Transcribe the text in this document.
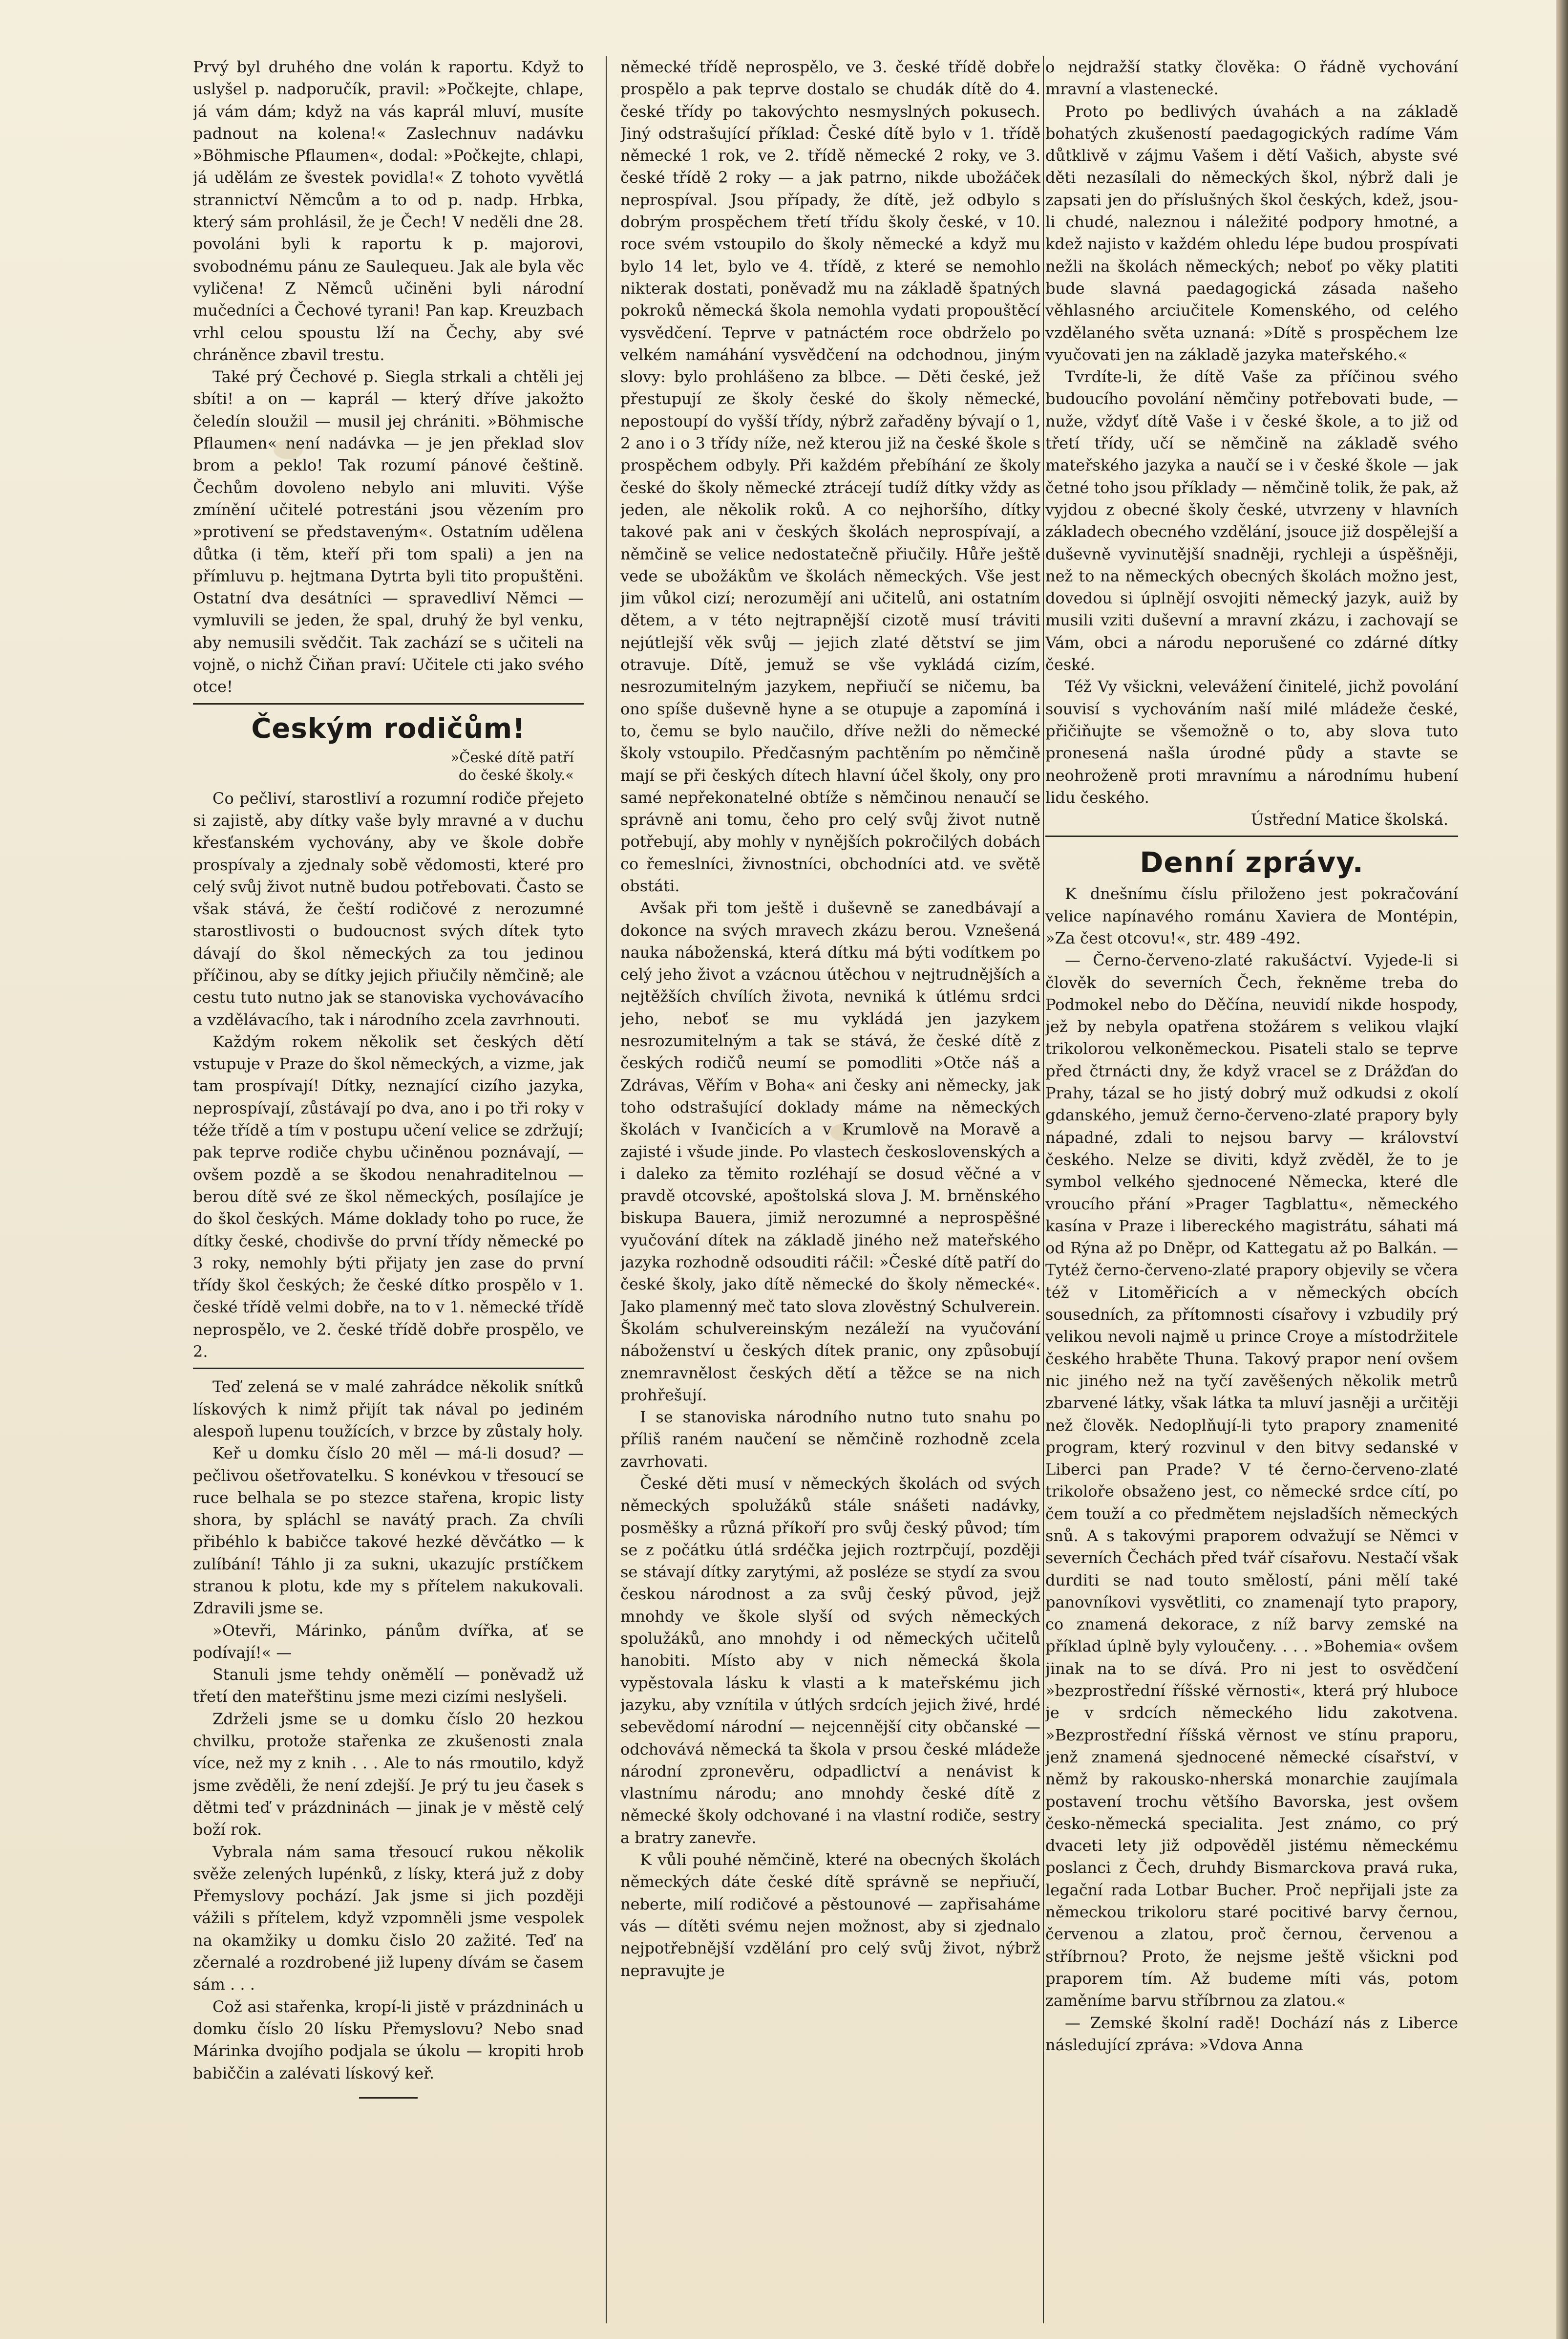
Prvý byl druhého dne volán k raportu. Když to uslyšel p. nadporučík, pravil: »Počkejte, chlape, já vám dám; když na vás kaprál mluví, musíte padnout na kolena!« Zaslechnuv nadávku »Böhmische Pflaumen«, dodal: »Počkejte, chlapi, já udělám ze švestek povidla!« Z tohoto vyvětlá strannictví Němcům a to od p. nadp. Hrbka, který sám prohlásil, že je Čech! V neděli dne 28. povoláni byli k raportu k p. majorovi, svobodnému pánu ze Saulequeu. Jak ale byla věc vyličena! Z Němců učiněni byli národní mučedníci a Čechové tyrani! Pan kap. Kreuzbach vrhl celou spoustu lží na Čechy, aby své chráněnce zbavil trestu.

Také prý Čechové p. Siegla strkali a chtěli jej sbíti! a on — kaprál — který dříve jakožto čeledín sloužil — musil jej chrániti. »Böhmische Pflaumen« není nadávka — je jen překlad slov brom a peklo! Tak rozumí pánové češtině. Čechům dovoleno nebylo ani mluviti. Výše zmínění učitelé potrestáni jsou vězením pro »protivení se představeným«. Ostatním udělena důtka (i těm, kteří při tom spali) a jen na přímluvu p. hejtmana Dytrta byli tito propuštěni. Ostatní dva desátníci — spravedliví Němci — vymluvili se jeden, že spal, druhý že byl venku, aby nemusili svědčit. Tak zachází se s učiteli na vojně, o nichž Čiňan praví: Učitele cti jako svého otce!

Českým rodičům!
»České dítě patří
do české školy.«

Co pečliví, starostliví a rozumní rodiče přejeto si zajistě, aby dítky vaše byly mravné a v duchu křesťanském vychovány, aby ve škole dobře prospívaly a zjednaly sobě vědomosti, které pro celý svůj život nutně budou potřebovati. Často se však stává, že čeští rodičové z nerozumné starostlivosti o budoucnost svých dítek tyto dávají do škol německých za tou jedinou příčinou, aby se dítky jejich přiučily němčině; ale cestu tuto nutno jak se stanoviska vychovávacího a vzdělávacího, tak i národního zcela zavrhnouti.

Každým rokem několik set českých dětí vstupuje v Praze do škol německých, a vizme, jak tam prospívají! Dítky, neznající cizího jazyka, neprospívají, zůstávají po dva, ano i po tři roky v téže třídě a tím v postupu učení velice se zdržují; pak teprve rodiče chybu učiněnou poznávají, — ovšem pozdě a se škodou nenahraditelnou — berou dítě své ze škol německých, posílajíce je do škol českých. Máme doklady toho po ruce, že dítky české, chodivše do první třídy německé po 3 roky, nemohly býti přijaty jen zase do první třídy škol českých; že české dítko prospělo v 1. české třídě velmi dobře, na to v 1. německé třídě neprospělo, ve 2. české třídě dobře prospělo, ve 2.

Teď zelená se v malé zahrádce několik snítků lískových k nimž přijít tak nával po jediném alespoň lupenu toužících, v brzce by zůstaly holy.

Keř u domku číslo 20 měl — má-li dosud? — pečlivou ošetřovatelku. S konévkou v třesoucí se ruce belhala se po stezce stařena, kropic listy shora, by spláchl se navátý prach. Za chvíli přibéhlo k babičce takové hezké děvčátko — k zulíbání! Táhlo ji za sukni, ukazujíc prstíčkem stranou k plotu, kde my s přítelem nakukovali. Zdravili jsme se.

»Otevři, Márinko, pánům dvířka, ať se podívají!« —

Stanuli jsme tehdy oněmělí — poněvadž už třetí den mateřštinu jsme mezi cizími neslyšeli.

Zdrželi jsme se u domku číslo 20 hezkou chvilku, protože stařenka ze zkušenosti znala více, než my z knih . . . Ale to nás rmoutilo, když jsme zvěděli, že není zdejší. Je prý tu jeu časek s dětmi teď v prázdninách — jinak je v městě celý boží rok.

Vybrala nám sama třesoucí rukou několik svěže zelených lupénků, z lísky, která juž z doby Přemyslovy pochází. Jak jsme si jich později vážili s přítelem, když vzpomněli jsme vespolek na okamžiky u domku čislo 20 zažité. Teď na zčernalé a rozdrobené již lupeny dívám se časem sám . . .

Což asi stařenka, kropí-li jistě v prázdninách u domku číslo 20 lísku Přemyslovu? Nebo snad Márinka dvojího podjala se úkolu — kropiti hrob babiččin a zalévati lískový keř.

německé třídě neprospělo, ve 3. české třídě dobře prospělo a pak teprve dostalo se chudák dítě do 4. české třídy po takovýchto nesmyslných pokusech. Jiný odstrašující příklad: České dítě bylo v 1. třídě německé 1 rok, ve 2. třídě německé 2 roky, ve 3. české třídě 2 roky — a jak patrno, nikde ubožáček neprospíval. Jsou případy, že dítě, jež odbylo s dobrým prospěchem třetí třídu školy české, v 10. roce svém vstoupilo do školy německé a když mu bylo 14 let, bylo ve 4. třídě, z které se nemohlo nikterak dostati, poněvadž mu na základě špatných pokroků německá škola nemohla vydati propouštěcí vysvědčení. Teprve v patnáctém roce obdrželo po velkém namáhání vysvědčení na odchodnou, jiným slovy: bylo prohlášeno za blbce. — Děti české, jež přestupují ze školy české do školy německé, nepostoupí do vyšší třídy, nýbrž zařaděny bývají o 1, 2 ano i o 3 třídy níže, než kterou již na české škole s prospěchem odbyly. Při každém přebíhání ze školy české do školy německé ztrácejí tudíž dítky vždy as jeden, ale několik roků. A co nejhoršího, dítky takové pak ani v českých školách neprospívají, a němčině se velice nedostatečně přiučily. Hůře ještě vede se ubožákům ve školách německých. Vše jest jim vůkol cizí; nerozumějí ani učitelů, ani ostatním dětem, a v této nejtrapnější cizotě musí tráviti nejútlejší věk svůj — jejich zlaté dětství se jim otravuje. Dítě, jemuž se vše vykládá cizím, nesrozumitelným jazykem, nepřiučí se ničemu, ba ono spíše duševně hyne a se otupuje a zapomíná i to, čemu se bylo naučilo, dříve nežli do německé školy vstoupilo. Předčasným pachtěním po němčině mají se při českých dítech hlavní účel školy, ony pro samé nepřekonatelné obtíže s němčinou nenaučí se správně ani tomu, čeho pro celý svůj život nutně potřebují, aby mohly v nynějších pokročilých dobách co řemeslníci, živnostníci, obchodníci atd. ve světě obstáti.

Avšak při tom ještě i duševně se zanedbávají a dokonce na svých mravech zkázu berou. Vznešená nauka náboženská, která dítku má býti vodítkem po celý jeho život a vzácnou útěchou v nejtrudnějších a nejtěžších chvílích života, nevniká k útlému srdci jeho, neboť se mu vykládá jen jazykem nesrozumitelným a tak se stává, že české dítě z českých rodičů neumí se pomodliti »Otče náš a Zdrávas, Věřím v Boha« ani česky ani německy, jak toho odstrašující doklady máme na německých školách v Ivančicích a v Krumlově na Moravě a zajisté i všude jinde. Po vlastech československých a i daleko za těmito rozléhají se dosud věčné a v pravdě otcovské, apoštolská slova J. M. brněnského biskupa Bauera, jimiž nerozumné a neprospěšné vyučování dítek na základě jiného než mateřského jazyka rozhodně odsouditi ráčil: »České dítě patří do české školy, jako dítě německé do školy německé«. Jako plamenný meč tato slova zlověstný Schulverein. Školám schulvereinským nezáleží na vyučování náboženství u českých dítek pranic, ony způsobují znemravnělost českých dětí a těžce se na nich prohřešují.

I se stanoviska národního nutno tuto snahu po příliš raném naučení se němčině rozhodně zcela zavrhovati.

České děti musí v německých školách od svých německých spolužáků stále snášeti nadávky, posměšky a různá příkoří pro svůj český původ; tím se z počátku útlá srdéčka jejich roztrpčují, později se stávají dítky zarytými, až posléze se stydí za svou českou národnost a za svůj český původ, jejž mnohdy ve škole slyší od svých německých spolužáků, ano mnohdy i od německých učitelů hanobiti. Místo aby v nich německá škola vypěstovala lásku k vlasti a k mateřskému jich jazyku, aby vznítila v útlých srdcích jejich živé, hrdé sebevědomí národní — nejcennější city občanské — odchovává německá ta škola v prsou české mládeže národní zpronevěru, odpadlictví a nenávist k vlastnímu národu; ano mnohdy české dítě z německé školy odchované i na vlastní rodiče, sestry a bratry zanevře.

K vůli pouhé němčině, které na obecných školách německých dáte české dítě správně se nepřiučí, neberte, milí rodičové a pěstounové — zapřisaháme vás — dítěti svému nejen možnost, aby si zjednalo nejpotřebnější vzdělání pro celý svůj život, nýbrž nepravujte je

o nejdražší statky člověka: O řádně vychování mravní a vlastenecké.

Proto po bedlivých úvahách a na základě bohatých zkušeností paedagogických radíme Vám důtklivě v zájmu Vašem i dětí Vašich, abyste své děti nezasílali do německých škol, nýbrž dali je zapsati jen do příslušných škol českých, kdež, jsou-li chudé, naleznou i náležité podpory hmotné, a kdež najisto v každém ohledu lépe budou prospívati nežli na školách německých; neboť po věky platiti bude slavná paedagogická zásada našeho věhlasného arciučitele Komenského, od celého vzdělaného světa uznaná: »Dítě s prospěchem lze vyučovati jen na základě jazyka mateřského.«

Tvrdíte-li, že dítě Vaše za příčinou svého budoucího povolání němčiny potřebovati bude, — nuže, vždyť dítě Vaše i v české škole, a to již od třetí třídy, učí se němčině na základě svého mateřského jazyka a naučí se i v české škole — jak četné toho jsou příklady — němčině tolik, že pak, až vyjdou z obecné školy české, utvrzeny v hlavních základech obecného vzdělání, jsouce již dospělejší a duševně vyvinutější snadněji, rychleji a úspěšněji, než to na německých obecných školách možno jest, dovedou si úplnějí osvojiti německý jazyk, auiž by musili vziti duševní a mravní zkázu, i zachovají se Vám, obci a národu neporušené co zdárné dítky české.

Též Vy všickni, velevážení činitelé, jichž povolání souvisí s vychováním naší milé mládeže české, přičiňujte se všemožně o to, aby slova tuto pronesená našla úrodné půdy a stavte se neohroženě proti mravnímu a národnímu hubení lidu českého.

Ústřední Matice školská.
Denní zprávy.

K dnešnímu číslu přiloženo jest pokračování velice napínavého románu Xaviera de Montépin, »Za čest otcovu!«, str. 489 -492.

— Černo-červeno-zlaté rakušáctví. Vyjede-li si člověk do severních Čech, řekněme treba do Podmokel nebo do Děčína, neuvidí nikde hospody, jež by nebyla opatřena stožárem s velikou vlajkí trikolorou velkoněmeckou. Pisateli stalo se teprve před čtrnácti dny, že když vracel se z Drážďan do Prahy, tázal se ho jistý dobrý muž odkudsi z okolí gdanského, jemuž černo-červeno-zlaté prapory byly nápadné, zdali to nejsou barvy — království českého. Nelze se diviti, když zvěděl, že to je symbol velkého sjednocené Německa, které dle vroucího přání »Prager Tagblattu«, německého kasína v Praze i libereckého magistrátu, sáhati má od Rýna až po Dněpr, od Kattegatu až po Balkán. — Tytéž černo-červeno-zlaté prapory objevily se včera též v Litoměřicích a v německých obcích sousedních, za přítomnosti císařovy i vzbudily prý velikou nevoli najmě u prince Croye a místodržitele českého hraběte Thuna. Takový prapor není ovšem nic jiného než na tyčí zavěšených několik metrů zbarvené látky, však látka ta mluví jasněji a určitěji než člověk. Nedoplňují-li tyto prapory znamenité program, který rozvinul v den bitvy sedanské v Liberci pan Prade? V té černo-červeno-zlaté trikoloře obsaženo jest, co německé srdce cítí, po čem touží a co předmětem nejsladších německých snů. A s takovými praporem odvažují se Němci v severních Čechách před tvář císařovu. Nestačí však durditi se nad touto smělostí, páni mělí také panovníkovi vysvětliti, co znamenají tyto prapory, co znamená dekorace, z níž barvy zemské na příklad úplně byly vyloučeny. . . . »Bohemia« ovšem jinak na to se dívá. Pro ni jest to osvědčení »bezprostřední říšské věrnosti«, která prý hluboce je v srdcích německého lidu zakotvena. »Bezprostřední říšská věrnost ve stínu praporu, jenž znamená sjednocené německé císařství, v němž by rakousko-nherská monarchie zaujímala postavení trochu většího Bavorska, jest ovšem česko-německá specialita. Jest známo, co prý dvaceti lety již odpověděl jistému německému poslanci z Čech, druhdy Bismarckova pravá ruka, legační rada Lotbar Bucher. Proč nepřijali jste za německou trikoloru staré pocitivé barvy černou, červenou a zlatou, proč černou, červenou a stříbrnou? Proto, že nejsme ještě všickni pod praporem tím. Až budeme míti vás, potom zaměníme barvu stříbrnou za zlatou.«

— Zemské školní radě! Dochází nás z Liberce následující zpráva: »Vdova Anna
